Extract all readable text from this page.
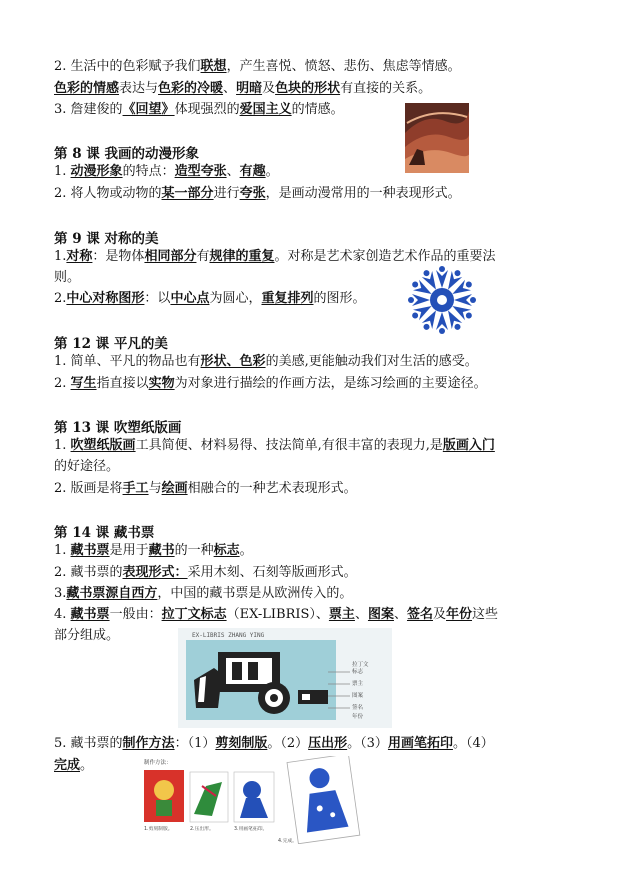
2. 生活中的色彩赋予我们联想，产生喜悦、愤怒、悲伤、焦虑等情感。
色彩的情感表达与色彩的冷暖、明暗及色块的形状有直接的关系。
3. 詹建俊的《回望》体现强烈的爱国主义的情感。
第 8 课 我画的动漫形象
1. 动漫形象的特点：造型夸张、有趣。
2. 将人物或动物的某一部分进行夸张，是画动漫常用的一种表现形式。
第 9 课 对称的美
1.对称：是物体相同部分有规律的重复。对称是艺术家创造艺术作品的重要法
则。
2.中心对称图形：以中心点为圆心，重复排列的图形。
第 12 课 平凡的美
1. 简单、平凡的物品也有形状、色彩的美感,更能触动我们对生活的感受。
2. 写生指直接以实物为对象进行描绘的作画方法，是练习绘画的主要途径。
第 13 课 吹塑纸版画
1. 吹塑纸版画工具简便、材料易得、技法简单,有很丰富的表现力,是版画入门
的好途径。
2. 版画是将手工与绘画相融合的一种艺术表现形式。
第 14 课 藏书票
1. 藏书票是用于藏书的一种标志。
2. 藏书票的表现形式：采用木刻、石刻等版画形式。
3.藏书票源自西方，中国的藏书票是从欧洲传入的。
4. 藏书票一般由：拉丁文标志（EX-LIBRIS）、票主、图案、签名及年份这些
部分组成。	EX-LIBRIS ZHANG YING
拉丁文
标志
票主
图案
签名
年份
5. 藏书票的制作方法：（1）剪刻制版。（2）压出形。（3）用画笔拓印。（4）
完成。	制作方法：
1.剪刻制版。	2.压出形。	3.用画笔拓印。
4.完成。
